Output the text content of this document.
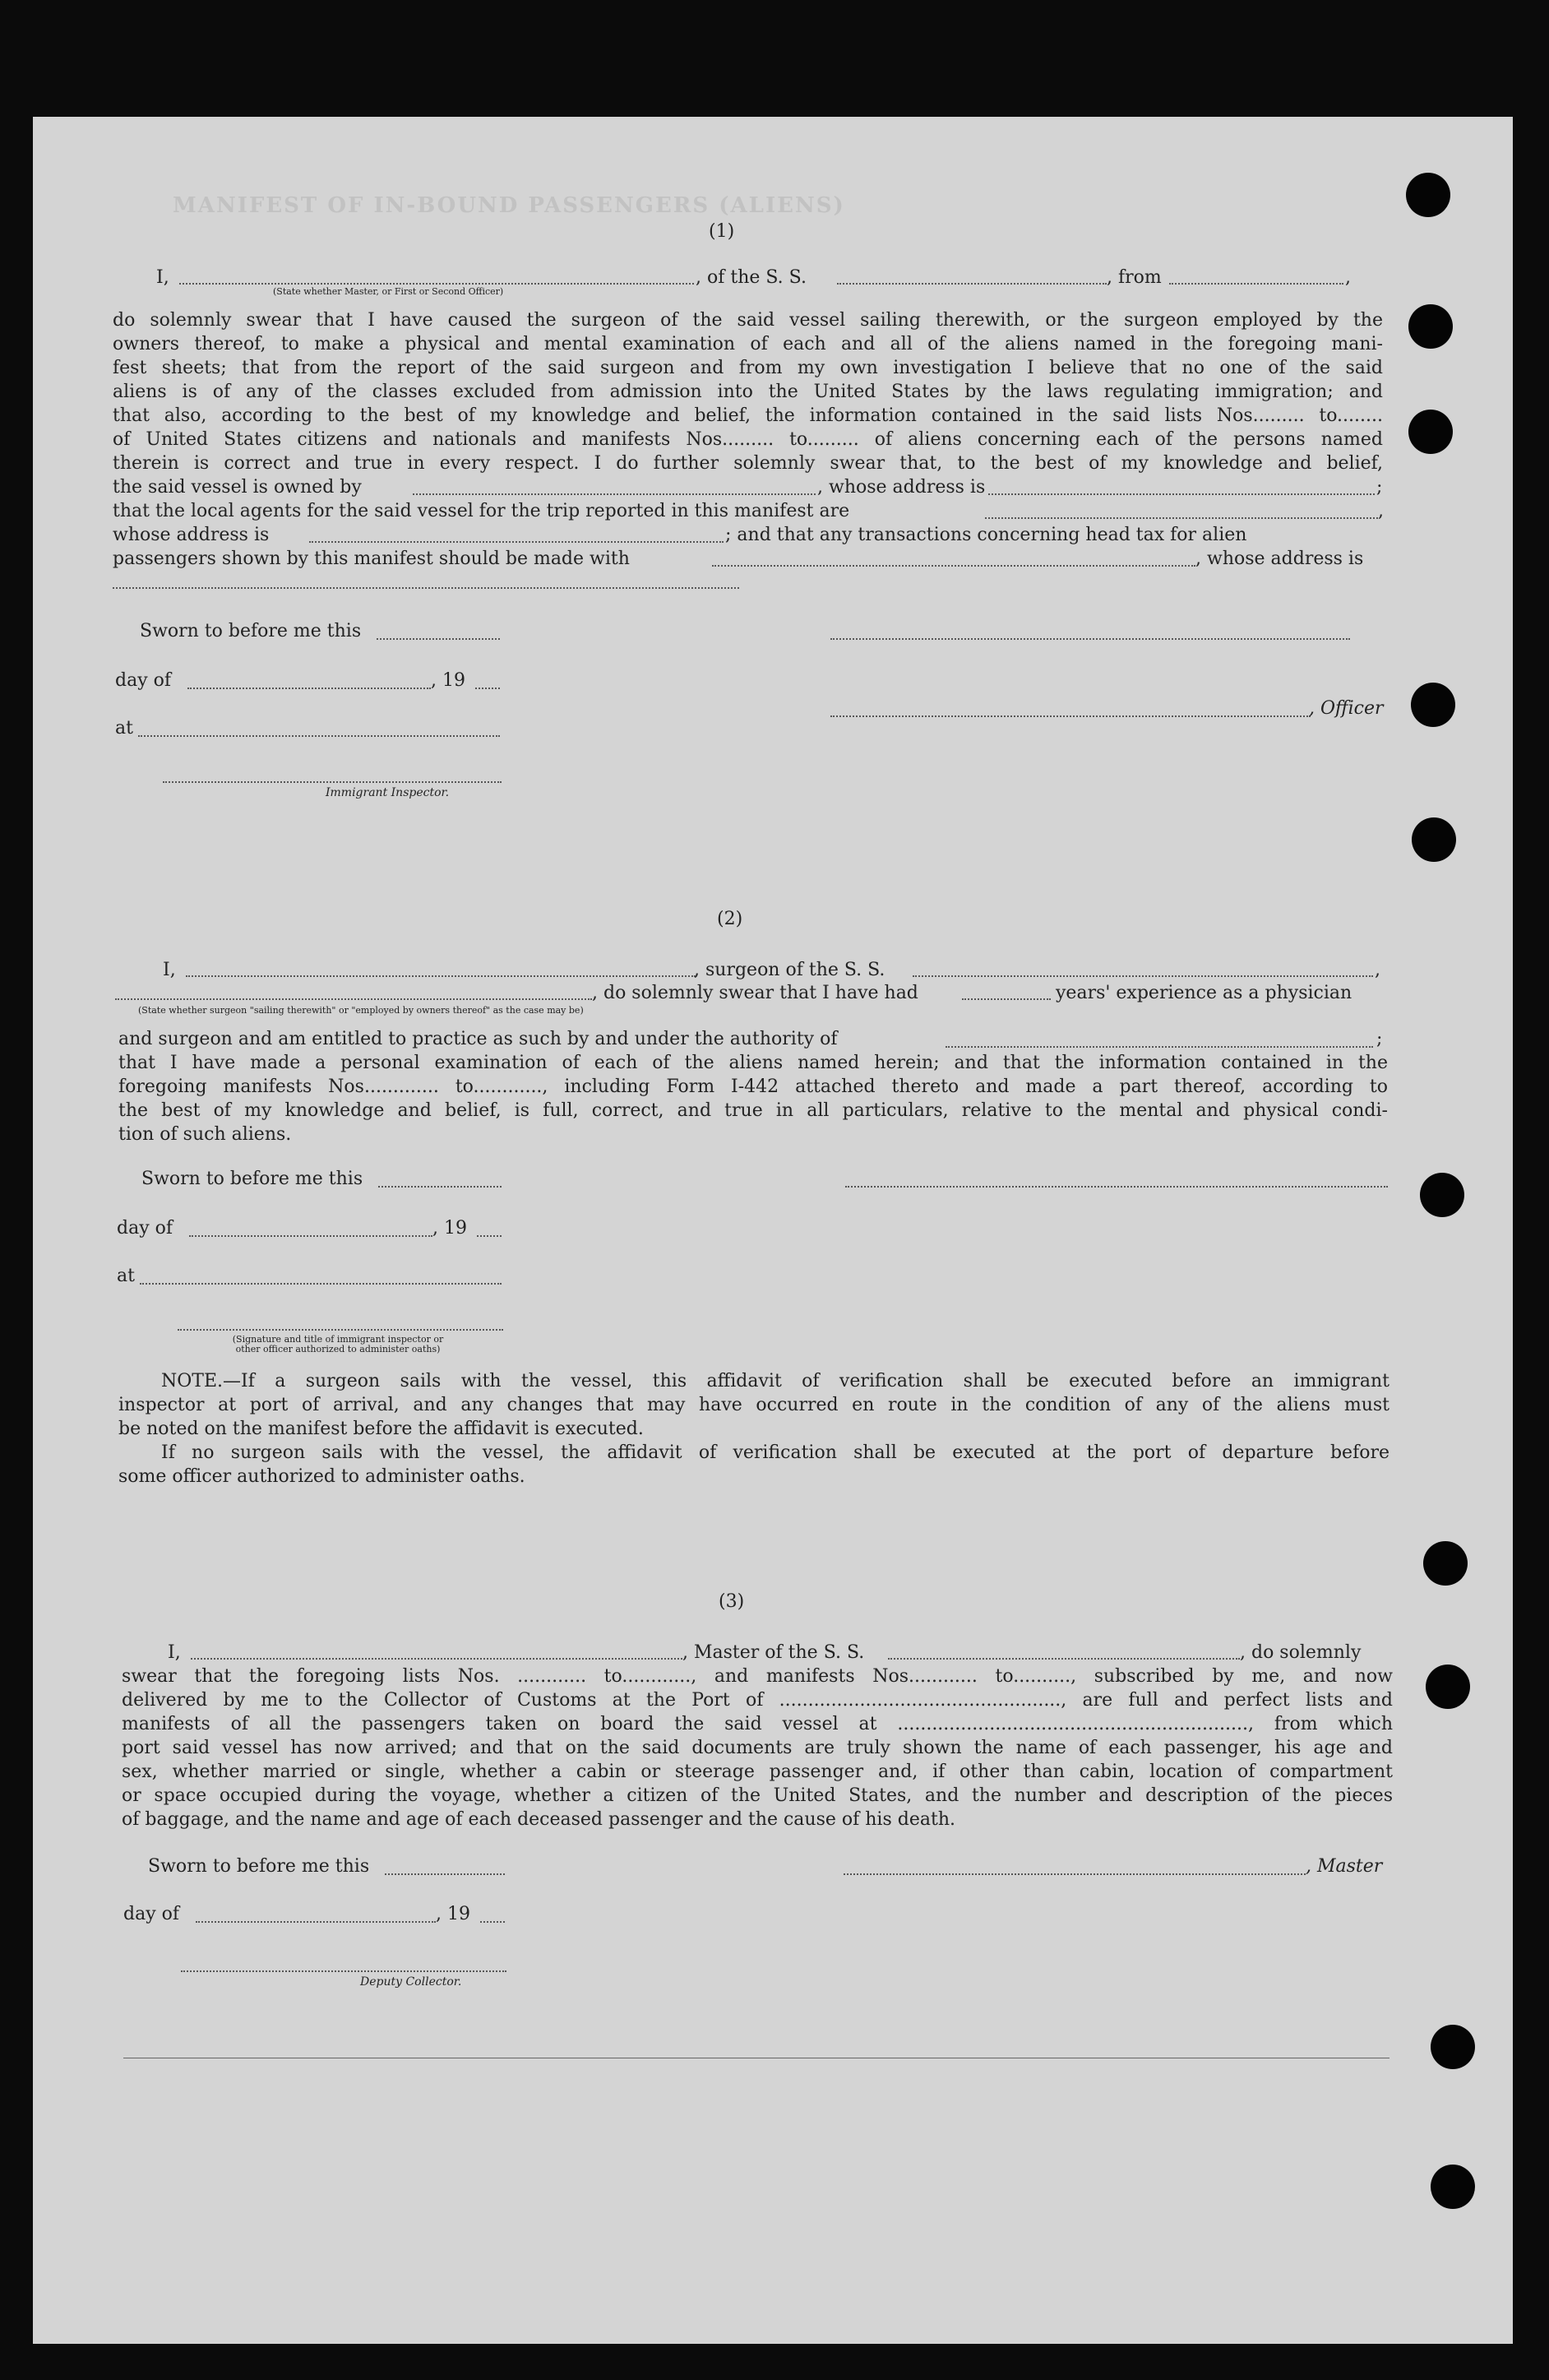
MANIFEST OF IN-BOUND PASSENGERS (ALIENS)
(1)
I,	, of the S. S.	, from	,
(State whether Master, or First or Second Officer)
do solemnly swear that I have caused the surgeon of the said vessel sailing therewith, or the surgeon employed by the
owners thereof, to make a physical and mental examination of each and all of the aliens named in the foregoing mani-
fest sheets; that from the report of the said surgeon and from my own investigation I believe that no one of the said
aliens is of any of the classes excluded from admission into the United States by the laws regulating immigration; and
that also, according to the best of my knowledge and belief, the information contained in the said lists Nos......... to........
of United States citizens and nationals and manifests Nos......... to......... of aliens concerning each of the persons named
therein is correct and true in every respect. I do further solemnly swear that, to the best of my knowledge and belief,
the said vessel is owned by	, whose address is	;
that the local agents for the said vessel for the trip reported in this manifest are	,
whose address is	; and that any transactions concerning head tax for alien
passengers shown by this manifest should be made with	, whose address is
Sworn to before me this
day of	, 19
, Officer
at
Immigrant Inspector.
(2)
I,	, surgeon of the S. S.	,
, do solemnly swear that I have had	years' experience as a physician
(State whether surgeon "sailing therewith" or "employed by owners thereof" as the case may be)
and surgeon and am entitled to practice as such by and under the authority of	;
that I have made a personal examination of each of the aliens named herein; and that the information contained in the
foregoing manifests Nos............. to............, including Form I-442 attached thereto and made a part thereof, according to
the best of my knowledge and belief, is full, correct, and true in all particulars, relative to the mental and physical condi-
tion of such aliens.
Sworn to before me this
day of	, 19
at
(Signature and title of immigrant inspector or
other officer authorized to administer oaths)
NOTE.—If a surgeon sails with the vessel, this affidavit of verification shall be executed before an immigrant
inspector at port of arrival, and any changes that may have occurred en route in the condition of any of the aliens must
be noted on the manifest before the affidavit is executed.
If no surgeon sails with the vessel, the affidavit of verification shall be executed at the port of departure before
some officer authorized to administer oaths.
(3)
I,	, Master of the S. S.	, do solemnly
swear that the foregoing lists Nos. ............ to............, and manifests Nos............ to.........., subscribed by me, and now
delivered by me to the Collector of Customs at the Port of ................................................., are full and perfect lists and
manifests of all the passengers taken on board the said vessel at ............................................................., from which
port said vessel has now arrived; and that on the said documents are truly shown the name of each passenger, his age and
sex, whether married or single, whether a cabin or steerage passenger and, if other than cabin, location of compartment
or space occupied during the voyage, whether a citizen of the United States, and the number and description of the pieces
of baggage, and the name and age of each deceased passenger and the cause of his death.
Sworn to before me this	, Master
day of	, 19
Deputy Collector.
